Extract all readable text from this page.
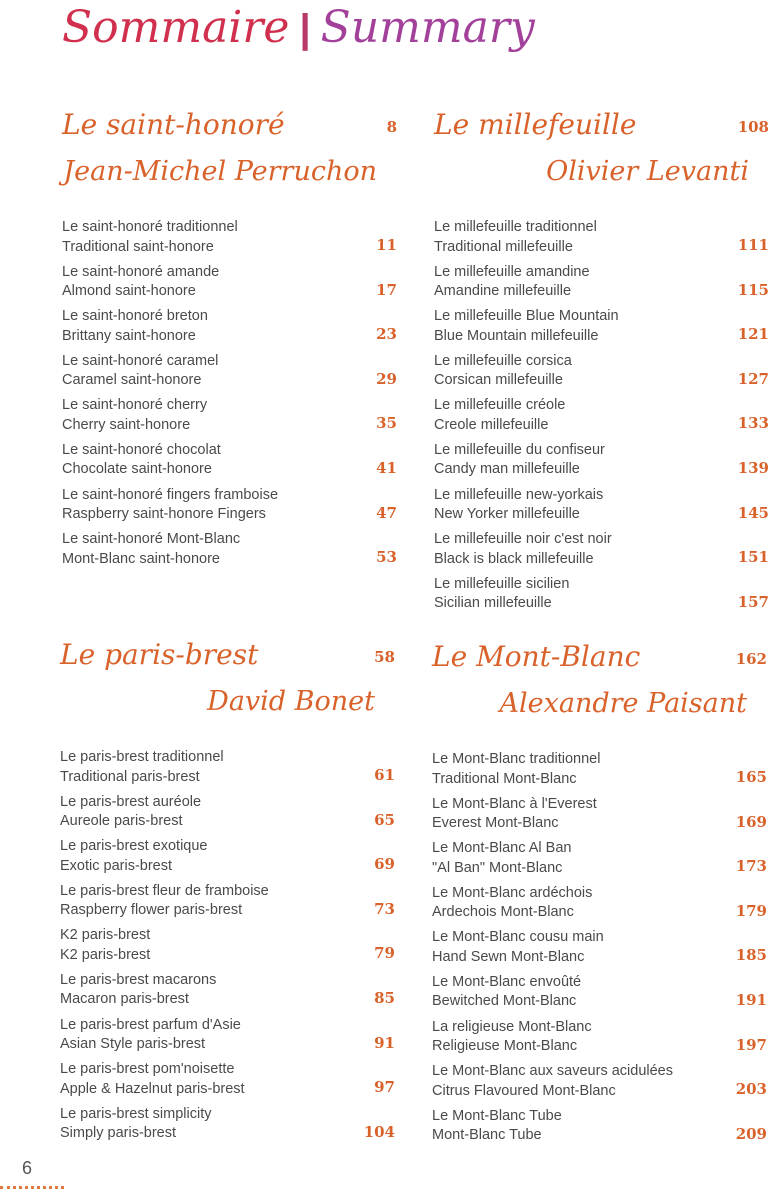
Sommaire | Summary
Le saint-honoré	8
Jean-Michel Perruchon
Le saint-honoré traditionnel
Traditional saint-honore	11
Le saint-honoré amande
Almond saint-honore	17
Le saint-honoré breton
Brittany saint-honore	23
Le saint-honoré caramel
Caramel saint-honore	29
Le saint-honoré cherry
Cherry saint-honore	35
Le saint-honoré chocolat
Chocolate saint-honore	41
Le saint-honoré fingers framboise
Raspberry saint-honore Fingers	47
Le saint-honoré Mont-Blanc
Mont-Blanc saint-honore	53
Le millefeuille	108
Olivier Levanti
Le millefeuille traditionnel
Traditional millefeuille	111
Le millefeuille amandine
Amandine millefeuille	115
Le millefeuille Blue Mountain
Blue Mountain millefeuille	121
Le millefeuille corsica
Corsican millefeuille	127
Le millefeuille créole
Creole millefeuille	133
Le millefeuille du confiseur
Candy man millefeuille	139
Le millefeuille new-yorkais
New Yorker millefeuille	145
Le millefeuille noir c'est noir
Black is black millefeuille	151
Le millefeuille sicilien
Sicilian millefeuille	157
Le paris-brest	58
David Bonet
Le paris-brest traditionnel
Traditional paris-brest	61
Le paris-brest auréole
Aureole paris-brest	65
Le paris-brest exotique
Exotic paris-brest	69
Le paris-brest fleur de framboise
Raspberry flower paris-brest	73
K2 paris-brest
K2 paris-brest	79
Le paris-brest macarons
Macaron paris-brest	85
Le paris-brest parfum d'Asie
Asian Style paris-brest	91
Le paris-brest pom'noisette
Apple & Hazelnut paris-brest	97
Le paris-brest simplicity
Simply paris-brest	104
Le Mont-Blanc	162
Alexandre Paisant
Le Mont-Blanc traditionnel
Traditional Mont-Blanc	165
Le Mont-Blanc à l'Everest
Everest Mont-Blanc	169
Le Mont-Blanc Al Ban
"Al Ban" Mont-Blanc	173
Le Mont-Blanc ardéchois
Ardechois Mont-Blanc	179
Le Mont-Blanc cousu main
Hand Sewn Mont-Blanc	185
Le Mont-Blanc envoûté
Bewitched Mont-Blanc	191
La religieuse Mont-Blanc
Religieuse Mont-Blanc	197
Le Mont-Blanc aux saveurs acidulées
Citrus Flavoured Mont-Blanc	203
Le Mont-Blanc Tube
Mont-Blanc Tube	209
6
